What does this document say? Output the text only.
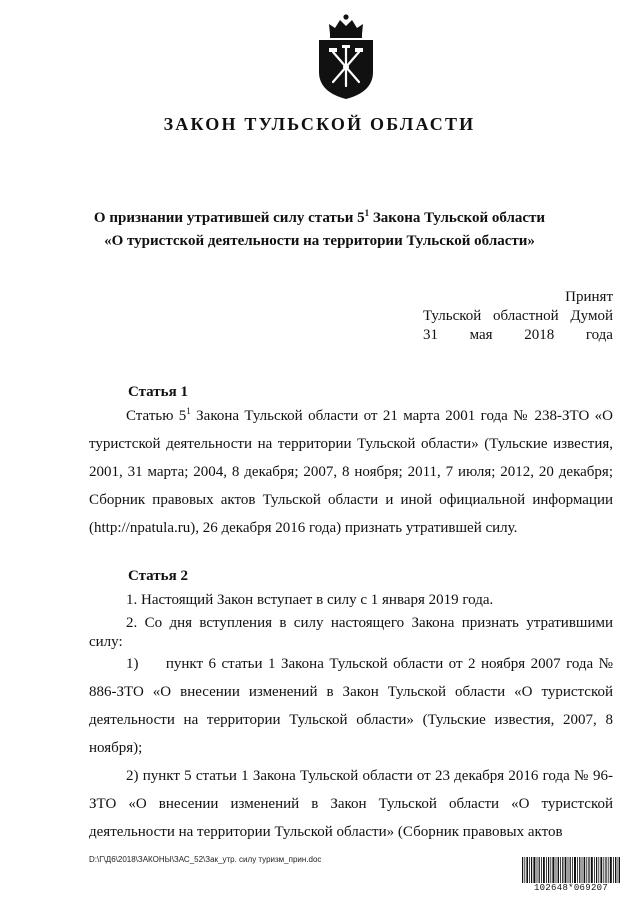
ЗАКОН ТУЛЬСКОЙ ОБЛАСТИ
О признании утратившей силу статьи $5^1$ Закона Тульской области
«О туристской деятельности на территории Тульской области»
Принят
Тульской областной Думой
31 мая 2018 года
Статья 1

Статью $5^1$ Закона Тульской области от 21 марта 2001 года № 238-ЗТО «О туристской деятельности на территории Тульской области» (Тульские известия, 2001, 31 марта; 2004, 8 декабря; 2007, 8 ноября; 2011, 7 июля; 2012, 20 декабря; Сборник правовых актов Тульской области и иной официальной информации (http://npatula.ru), 26 декабря 2016 года) признать утратившей силу.

Статья 2

1. Настоящий Закон вступает в силу с 1 января 2019 года.

2. Со дня вступления в силу настоящего Закона признать утратившими силу:

1)     пункт 6 статьи 1 Закона Тульской области от 2 ноября 2007 года № 886-ЗТО «О внесении изменений в Закон Тульской области «О туристской деятельности на территории Тульской области» (Тульские известия, 2007, 8 ноября);

2) пункт 5 статьи 1 Закона Тульской области от 23 декабря 2016 года № 96-ЗТО «О внесении изменений в Закон Тульской области «О туристской деятельности на территории Тульской области» (Сборник правовых актов

D:\Г\Д6\2018\ЗАКОНЫ\ЗАС_52\Зак_утр. силу туризм_прин.doc
102648*069207
